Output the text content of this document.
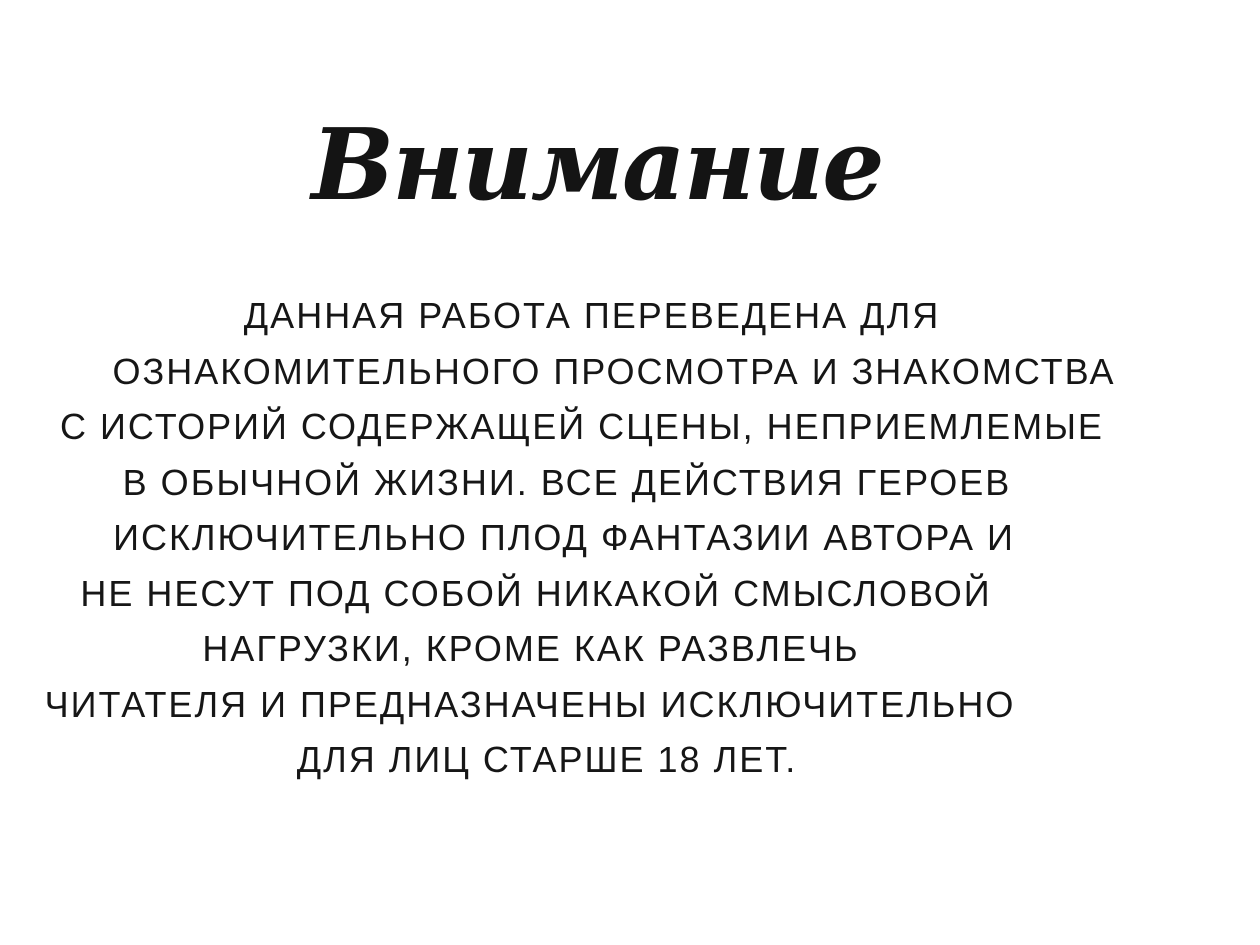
Внимание
ДАННАЯ РАБОТА ПЕРЕВЕДЕНА ДЛЯ
ОЗНАКОМИТЕЛЬНОГО ПРОСМОТРА И ЗНАКОМСТВА
С ИСТОРИЙ СОДЕРЖАЩЕЙ СЦЕНЫ, НЕПРИЕМЛЕМЫЕ
В ОБЫЧНОЙ ЖИЗНИ. ВСЕ ДЕЙСТВИЯ ГЕРОЕВ
ИСКЛЮЧИТЕЛЬНО ПЛОД ФАНТАЗИИ АВТОРА И
НЕ НЕСУТ ПОД СОБОЙ НИКАКОЙ СМЫСЛОВОЙ
НАГРУЗКИ, КРОМЕ КАК РАЗВЛЕЧЬ
ЧИТАТЕЛЯ И ПРЕДНАЗНАЧЕНЫ ИСКЛЮЧИТЕЛЬНО
ДЛЯ ЛИЦ СТАРШЕ 18 ЛЕТ.
